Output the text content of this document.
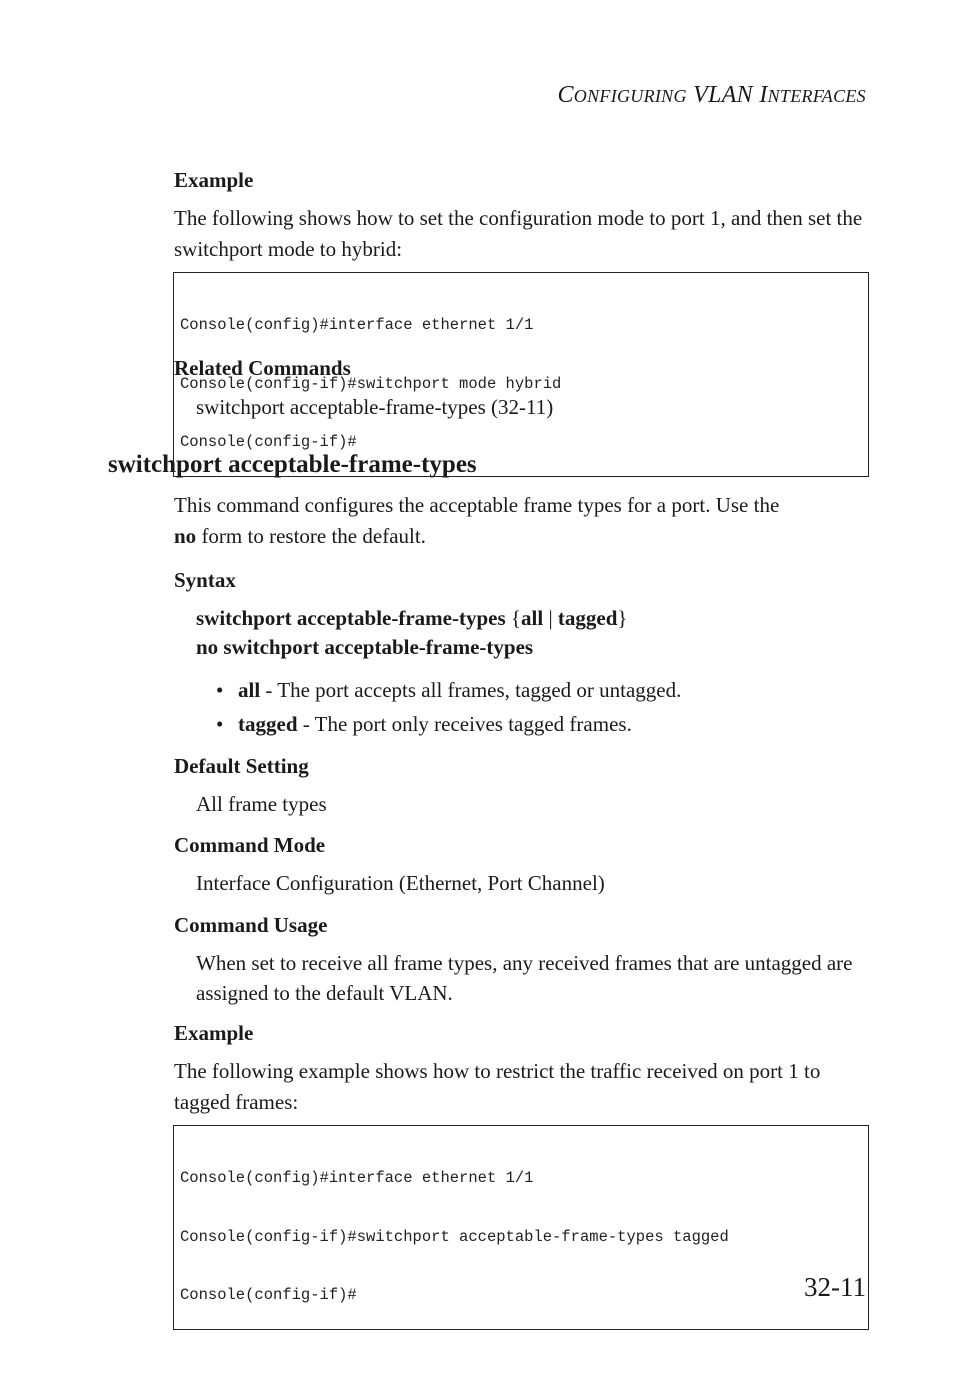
CONFIGURING VLAN INTERFACES
Example
The following shows how to set the configuration mode to port 1, and then set the switchport mode to hybrid:

Console(config)#interface ethernet 1/1

Console(config-if)#switchport mode hybrid

Console(config-if)#

Related Commands
switchport acceptable-frame-types (32-11)
switchport acceptable-frame-types
This command configures the acceptable frame types for a port. Use the
no form to restore the default.
Syntax
switchport acceptable-frame-types {all | tagged}
no switchport acceptable-frame-types
• all - The port accepts all frames, tagged or untagged.
• tagged - The port only receives tagged frames.
Default Setting
All frame types
Command Mode
Interface Configuration (Ethernet, Port Channel)
Command Usage
When set to receive all frame types, any received frames that are untagged are assigned to the default VLAN.
Example
The following example shows how to restrict the traffic received on port 1 to tagged frames:

Console(config)#interface ethernet 1/1

Console(config-if)#switchport acceptable-frame-types tagged

Console(config-if)#	32-11
